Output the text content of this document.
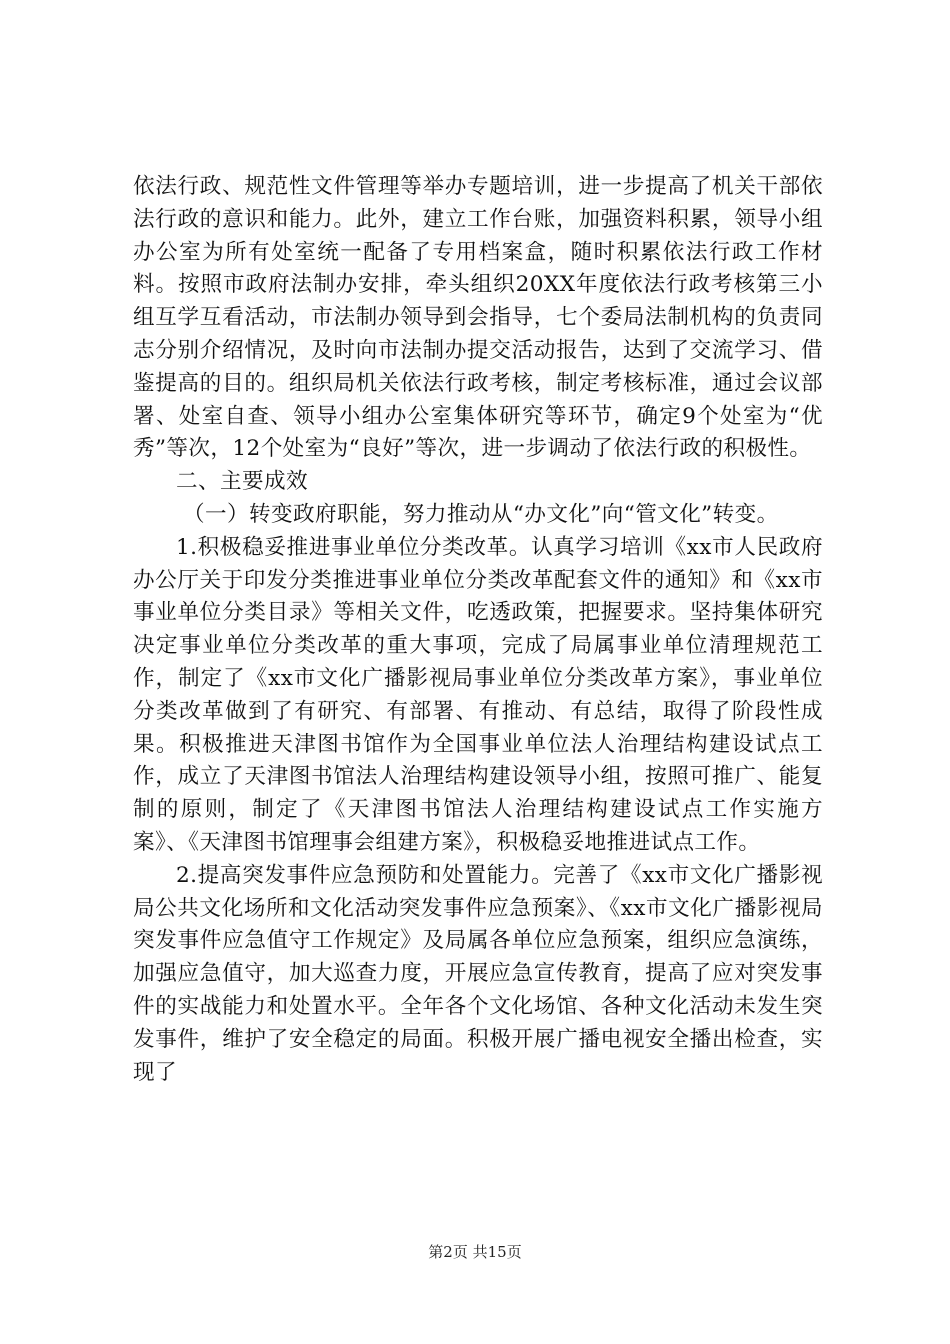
依法行政、规范性文件管理等举办专题培训，进一步提高了机关干部依法行政的意识和能力。此外，建立工作台账，加强资料积累，领导小组办公室为所有处室统一配备了专用档案盒，随时积累依法行政工作材料。按照市政府法制办安排，牵头组织20XX年度依法行政考核第三小组互学互看活动，市法制办领导到会指导，七个委局法制机构的负责同志分别介绍情况，及时向市法制办提交活动报告，达到了交流学习、借鉴提高的目的。组织局机关依法行政考核，制定考核标准，通过会议部署、处室自查、领导小组办公室集体研究等环节，确定9个处室为“优秀”等次，12个处室为“良好”等次，进一步调动了依法行政的积极性。

二、主要成效

（一）转变政府职能，努力推动从“办文化”向“管文化”转变。

1.积极稳妥推进事业单位分类改革。认真学习培训《xx市人民政府办公厅关于印发分类推进事业单位分类改革配套文件的通知》和《xx市事业单位分类目录》等相关文件，吃透政策，把握要求。坚持集体研究决定事业单位分类改革的重大事项，完成了局属事业单位清理规范工作，制定了《xx市文化广播影视局事业单位分类改革方案》，事业单位分类改革做到了有研究、有部署、有推动、有总结，取得了阶段性成果。积极推进天津图书馆作为全国事业单位法人治理结构建设试点工作，成立了天津图书馆法人治理结构建设领导小组，按照可推广、能复制的原则，制定了《天津图书馆法人治理结构建设试点工作实施方案》、《天津图书馆理事会组建方案》，积极稳妥地推进试点工作。

2.提高突发事件应急预防和处置能力。完善了《xx市文化广播影视局公共文化场所和文化活动突发事件应急预案》、《xx市文化广播影视局突发事件应急值守工作规定》及局属各单位应急预案，组织应急演练，加强应急值守，加大巡查力度，开展应急宣传教育，提高了应对突发事件的实战能力和处置水平。全年各个文化场馆、各种文化活动未发生突发事件，维护了安全稳定的局面。积极开展广播电视安全播出检查，实现了

第2页 共15页
